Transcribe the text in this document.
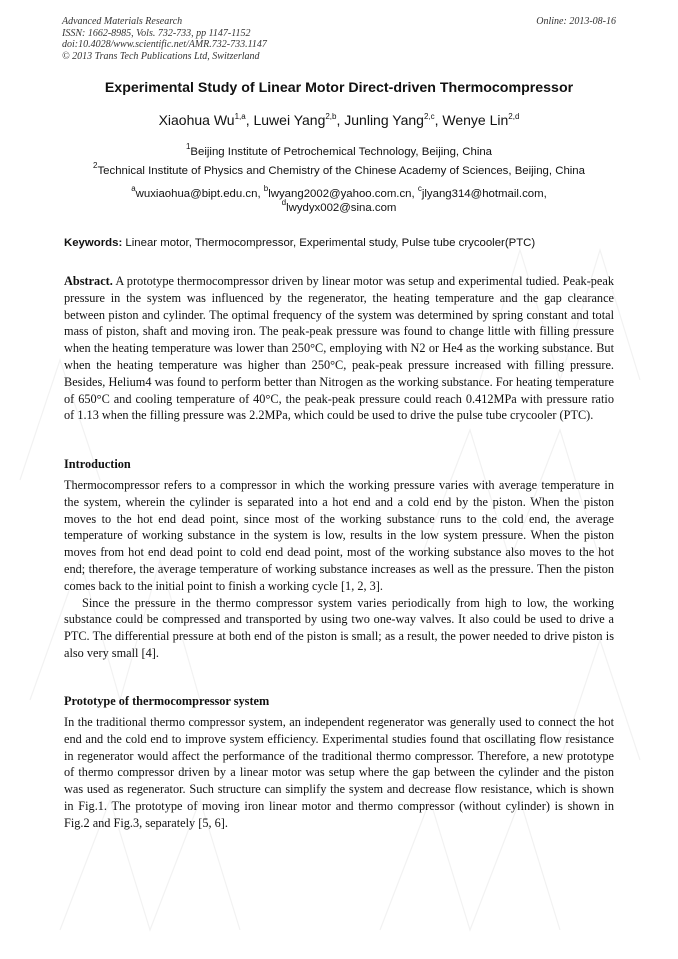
Advanced Materials Research
ISSN: 1662-8985, Vols. 732-733, pp 1147-1152
doi:10.4028/www.scientific.net/AMR.732-733.1147
© 2013 Trans Tech Publications Ltd, Switzerland
Online: 2013-08-16
Experimental Study of Linear Motor Direct-driven Thermocompressor
Xiaohua Wu$^{1,a}$, Luwei Yang$^{2,b}$, Junling Yang$^{2,c}$, Wenye Lin$^{2,d}$
$^1$Beijing Institute of Petrochemical Technology, Beijing, China
$^2$Technical Institute of Physics and Chemistry of the Chinese Academy of Sciences, Beijing, China
$^a$wuxiaohua@bipt.edu.cn, $^b$lwyang2002@yahoo.com.cn, $^c$jlyang314@hotmail.com,
$^d$lwydyx002@sina.com
Keywords: Linear motor, Thermocompressor, Experimental study, Pulse tube crycooler(PTC)

Abstract. A prototype thermocompressor driven by linear motor was setup and experimental tudied. Peak-peak pressure in the system was influenced by the regenerator, the heating temperature and the gap clearance between piston and cylinder. The optimal frequency of the system was determined by spring constant and total mass of piston, shaft and moving iron. The peak-peak pressure was found to change little with filling pressure when the heating temperature was lower than 250°C, employing with N2 or He4 as the working substance. But when the heating temperature was higher than 250°C, peak-peak pressure increased with filling pressure. Besides, Helium4 was found to perform better than Nitrogen as the working substance. For heating temperature of 650°C and cooling temperature of 40°C, the peak-peak pressure could reach 0.412MPa with pressure ratio of 1.13 when the filling pressure was 2.2MPa, which could be used to drive the pulse tube crycooler (PTC).

Introduction

Thermocompressor refers to a compressor in which the working pressure varies with average temperature in the system, wherein the cylinder is separated into a hot end and a cold end by the piston. When the piston moves to the hot end dead point, since most of the working substance runs to the cold end, the average temperature of working substance in the system is low, results in the low system pressure. When the piston moves from hot end dead point to cold end dead point, most of the working substance also moves to the hot end; therefore, the average temperature of working substance increases as well as the pressure. Then the piston comes back to the initial point to finish a working cycle [1, 2, 3].

Since the pressure in the thermo compressor system varies periodically from high to low, the working substance could be compressed and transported by using two one-way valves. It also could be used to drive a PTC. The differential pressure at both end of the piston is small; as a result, the power needed to drive piston is also very small [4].

Prototype of thermocompressor system

In the traditional thermo compressor system, an independent regenerator was generally used to connect the hot end and the cold end to improve system efficiency. Experimental studies found that oscillating flow resistance in regenerator would affect the performance of the traditional thermo compressor. Therefore, a new prototype of thermo compressor driven by a linear motor was setup where the gap between the cylinder and the piston was used as regenerator. Such structure can simplify the system and decrease flow resistance, which is shown in Fig.1. The prototype of moving iron linear motor and thermo compressor (without cylinder) is shown in Fig.2 and Fig.3, separately [5, 6].
